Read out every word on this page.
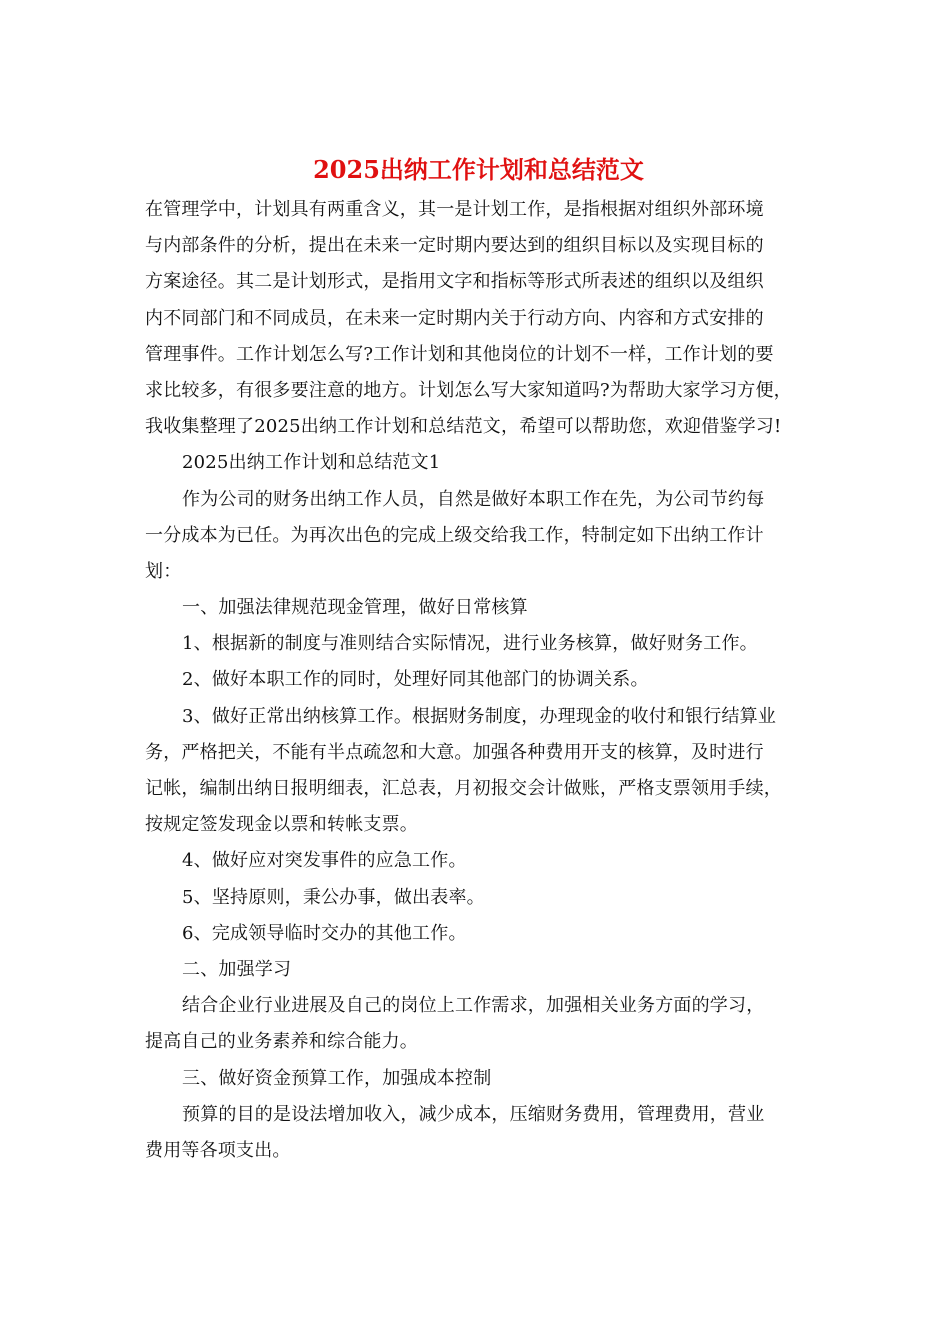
2025出纳工作计划和总结范文
在管理学中，计划具有两重含义，其一是计划工作，是指根据对组织外部环境
与内部条件的分析，提出在未来一定时期内要达到的组织目标以及实现目标的
方案途径。其二是计划形式，是指用文字和指标等形式所表述的组织以及组织
内不同部门和不同成员，在未来一定时期内关于行动方向、内容和方式安排的
管理事件。工作计划怎么写?工作计划和其他岗位的计划不一样，工作计划的要
求比较多，有很多要注意的地方。计划怎么写大家知道吗?为帮助大家学习方便，
我收集整理了2025出纳工作计划和总结范文，希望可以帮助您，欢迎借鉴学习!
2025出纳工作计划和总结范文1
作为公司的财务出纳工作人员，自然是做好本职工作在先，为公司节约每
一分成本为已任。为再次出色的完成上级交给我工作，特制定如下出纳工作计
划：
一、加强法律规范现金管理，做好日常核算
1、根据新的制度与准则结合实际情况，进行业务核算，做好财务工作。
2、做好本职工作的同时，处理好同其他部门的协调关系。
3、做好正常出纳核算工作。根据财务制度，办理现金的收付和银行结算业
务，严格把关，不能有半点疏忽和大意。加强各种费用开支的核算，及时进行
记帐，编制出纳日报明细表，汇总表，月初报交会计做账，严格支票领用手续，
按规定签发现金以票和转帐支票。
4、做好应对突发事件的应急工作。
5、坚持原则，秉公办事，做出表率。
6、完成领导临时交办的其他工作。
二、加强学习
结合企业行业进展及自己的岗位上工作需求，加强相关业务方面的学习，
提高自己的业务素养和综合能力。
三、做好资金预算工作，加强成本控制
预算的目的是设法增加收入，减少成本，压缩财务费用，管理费用，营业
费用等各项支出。
